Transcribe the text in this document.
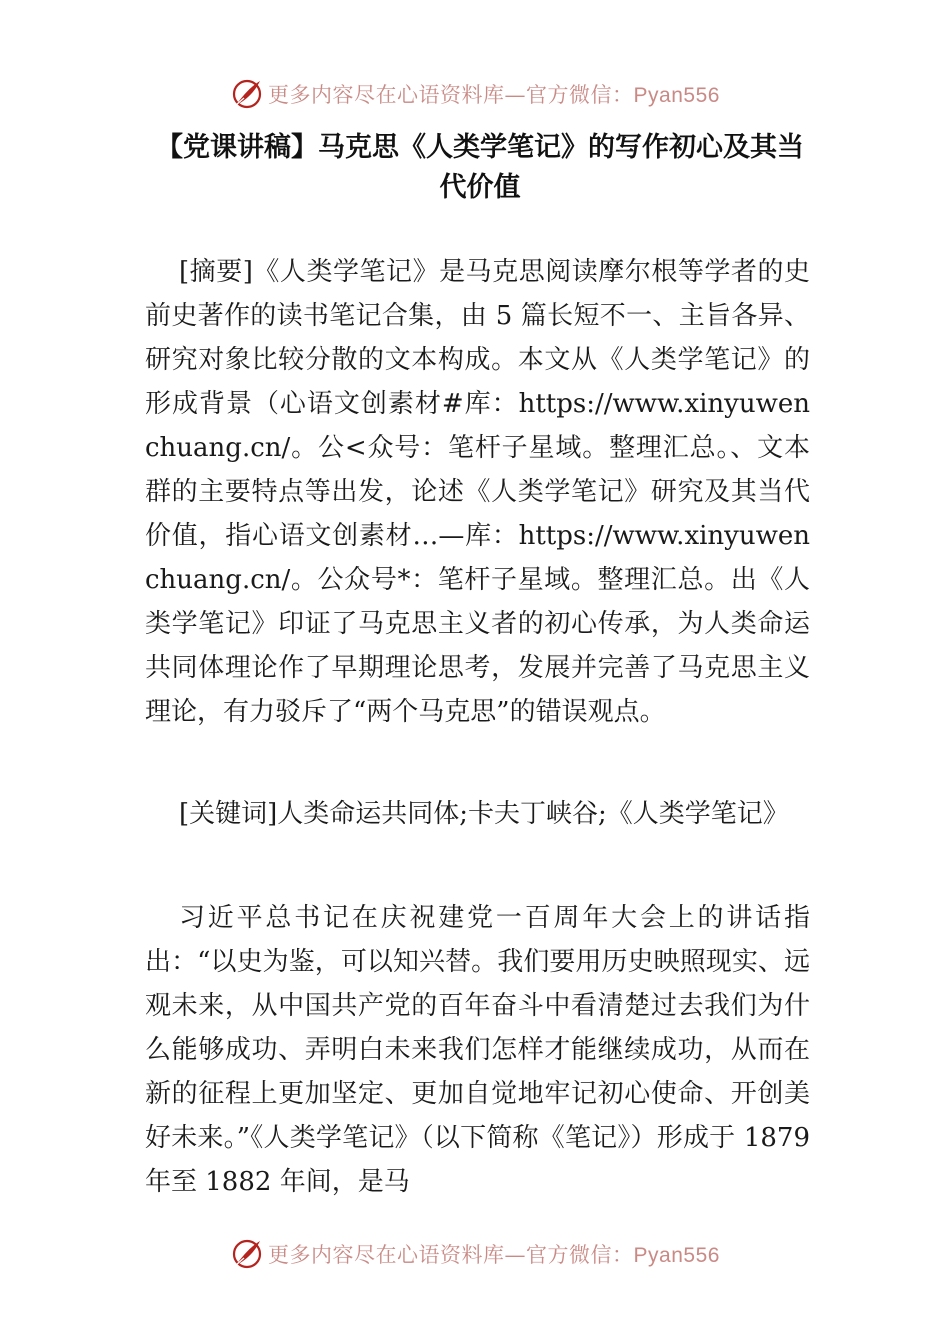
更多内容尽在心语资料库—官方微信：Pyan556
【党课讲稿】马克思《人类学笔记》的写作初心及其当代价值

[摘要]《人类学笔记》是马克思阅读摩尔根等学者的史前史著作的读书笔记合集，由 5 篇长短不一、主旨各异、研究对象比较分散的文本构成。本文从《人类学笔记》的形成背景（心语文创素材#库：https://www.xinyuwenchuang.cn/。公<众号：笔杆子星域。整理汇总。、文本群的主要特点等出发，论述《人类学笔记》研究及其当代价值，指心语文创素材…—库：https://www.xinyuwenchuang.cn/。公众号*：笔杆子星域。整理汇总。出《人类学笔记》印证了马克思主义者的初心传承，为人类命运共同体理论作了早期理论思考，发展并完善了马克思主义理论，有力驳斥了“两个马克思”的错误观点。

[关键词]人类命运共同体;卡夫丁峡谷;《人类学笔记》

习近平总书记在庆祝建党一百周年大会上的讲话指出：“以史为鉴，可以知兴替。我们要用历史映照现实、远观未来，从中国共产党的百年奋斗中看清楚过去我们为什么能够成功、弄明白未来我们怎样才能继续成功，从而在新的征程上更加坚定、更加自觉地牢记初心使命、开创美好未来。”《人类学笔记》（以下简称《笔记》）形成于 1879 年至 1882 年间，是马

更多内容尽在心语资料库—官方微信：Pyan556
